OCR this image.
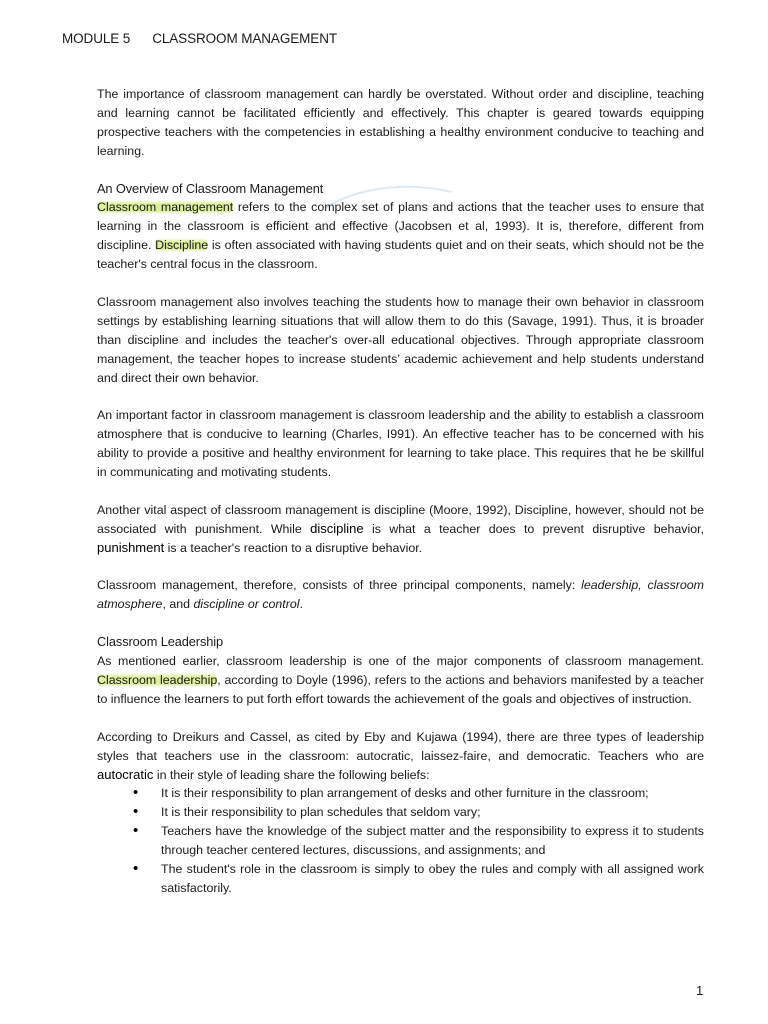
MODULE 5 CLASSROOM MANAGEMENT

The importance of classroom management can hardly be overstated. Without order and discipline, teaching and learning cannot be facilitated efficiently and effectively. This chapter is geared towards equipping prospective teachers with the competencies in establishing a healthy environment conducive to teaching and learning.

An Overview of Classroom Management

Classroom management refers to the complex set of plans and actions that the teacher uses to ensure that learning in the classroom is efficient and effective (Jacobsen et al, 1993). It is, therefore, different from discipline. Discipline is often associated with having students quiet and on their seats, which should not be the teacher's central focus in the classroom.

Classroom management also involves teaching the students how to manage their own behavior in classroom settings by establishing learning situations that will allow them to do this (Savage, 1991). Thus, it is broader than discipline and includes the teacher's over-all educational objectives. Through appropriate classroom management, the teacher hopes to increase students’ academic achievement and help students understand and direct their own behavior.

An important factor in classroom management is classroom leadership and the ability to establish a classroom atmosphere that is conducive to learning (Charles, I991). An effective teacher has to be concerned with his ability to provide a positive and healthy environment for learning to take place. This requires that he be skillful in communicating and motivating students.

Another vital aspect of classroom management is discipline (Moore, 1992), Discipline, however, should not be associated with punishment. While discipline is what a teacher does to prevent disruptive behavior, punishment is a teacher's reaction to a disruptive behavior.

Classroom management, therefore, consists of three principal components, namely: leadership, classroom atmosphere, and discipline or control.

Classroom Leadership

As mentioned earlier, classroom leadership is one of the major components of classroom management. Classroom leadership, according to Doyle (1996), refers to the actions and behaviors manifested by a teacher to influence the learners to put forth effort towards the achievement of the goals and objectives of instruction.

According to Dreikurs and Cassel, as cited by Eby and Kujawa (1994), there are three types of leadership styles that teachers use in the classroom: autocratic, laissez-faire, and democratic. Teachers who are autocratic in their style of leading share the following beliefs:

• It is their responsibility to plan arrangement of desks and other furniture in the classroom;
• It is their responsibility to plan schedules that seldom vary;
• Teachers have the knowledge of the subject matter and the responsibility to express it to students through teacher centered lectures, discussions, and assignments; and
• The student's role in the classroom is simply to obey the rules and comply with all assigned work satisfactorily.
1
